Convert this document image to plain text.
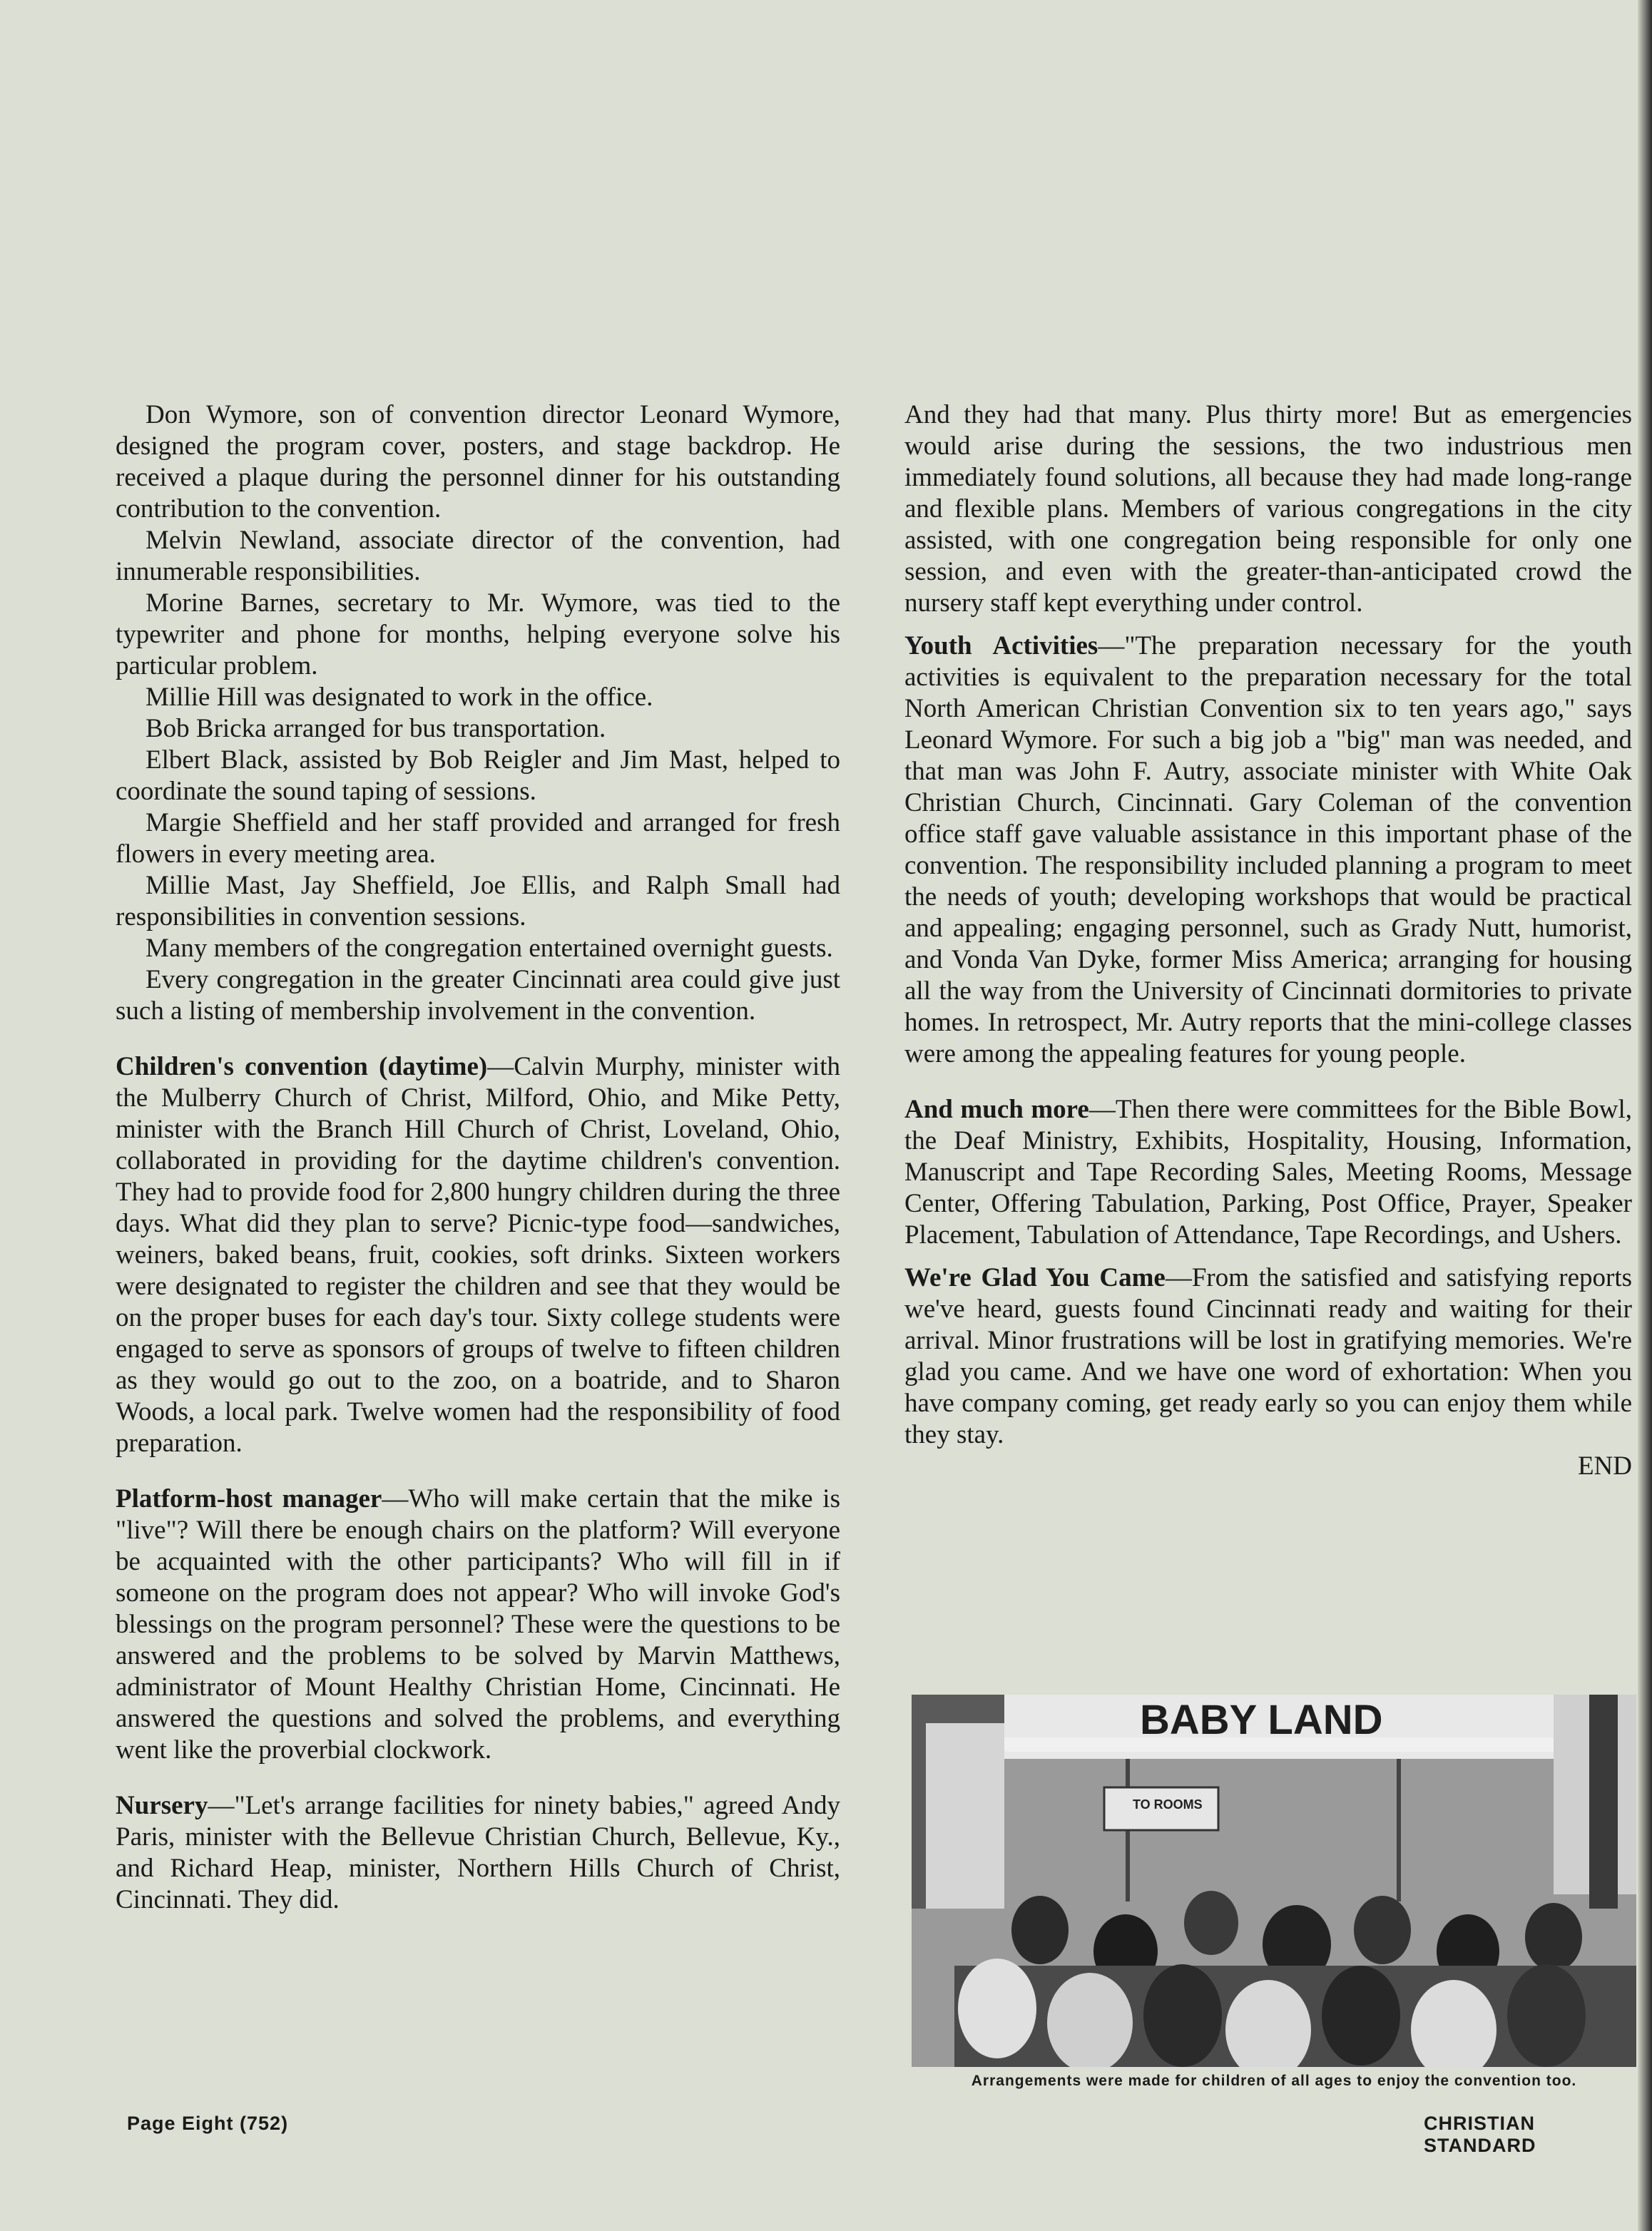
Don Wymore, son of convention director Leonard Wymore, designed the program cover, posters, and stage backdrop. He received a plaque during the personnel dinner for his outstanding contribution to the convention.

Melvin Newland, associate director of the convention, had innumerable responsibilities.

Morine Barnes, secretary to Mr. Wymore, was tied to the typewriter and phone for months, helping everyone solve his particular problem.

Millie Hill was designated to work in the office.

Bob Bricka arranged for bus transportation.

Elbert Black, assisted by Bob Reigler and Jim Mast, helped to coordinate the sound taping of sessions.

Margie Sheffield and her staff provided and arranged for fresh flowers in every meeting area.

Millie Mast, Jay Sheffield, Joe Ellis, and Ralph Small had responsibilities in convention sessions.

Many members of the congregation entertained overnight guests.

Every congregation in the greater Cincinnati area could give just such a listing of membership involvement in the convention.

Children's convention (daytime)—Calvin Murphy, minister with the Mulberry Church of Christ, Milford, Ohio, and Mike Petty, minister with the Branch Hill Church of Christ, Loveland, Ohio, collaborated in providing for the daytime children's convention. They had to provide food for 2,800 hungry children during the three days. What did they plan to serve? Picnic-type food—sandwiches, weiners, baked beans, fruit, cookies, soft drinks. Sixteen workers were designated to register the children and see that they would be on the proper buses for each day's tour. Sixty college students were engaged to serve as sponsors of groups of twelve to fifteen children as they would go out to the zoo, on a boatride, and to Sharon Woods, a local park. Twelve women had the responsibility of food preparation.

Platform-host manager—Who will make certain that the mike is "live"? Will there be enough chairs on the platform? Will everyone be acquainted with the other participants? Who will fill in if someone on the program does not appear? Who will invoke God's blessings on the program personnel? These were the questions to be answered and the problems to be solved by Marvin Matthews, administrator of Mount Healthy Christian Home, Cincinnati. He answered the questions and solved the problems, and everything went like the proverbial clockwork.

Nursery—"Let's arrange facilities for ninety babies," agreed Andy Paris, minister with the Bellevue Christian Church, Bellevue, Ky., and Richard Heap, minister, Northern Hills Church of Christ, Cincinnati. They did.

And they had that many. Plus thirty more! But as emergencies would arise during the sessions, the two industrious men immediately found solutions, all because they had made long-range and flexible plans. Members of various congregations in the city assisted, with one congregation being responsible for only one session, and even with the greater-than-anticipated crowd the nursery staff kept everything under control.

Youth Activities—"The preparation necessary for the youth activities is equivalent to the preparation necessary for the total North American Christian Convention six to ten years ago," says Leonard Wymore. For such a big job a "big" man was needed, and that man was John F. Autry, associate minister with White Oak Christian Church, Cincinnati. Gary Coleman of the convention office staff gave valuable assistance in this important phase of the convention. The responsibility included planning a program to meet the needs of youth; developing workshops that would be practical and appealing; engaging personnel, such as Grady Nutt, humorist, and Vonda Van Dyke, former Miss America; arranging for housing all the way from the University of Cincinnati dormitories to private homes. In retrospect, Mr. Autry reports that the mini-college classes were among the appealing features for young people.

And much more—Then there were committees for the Bible Bowl, the Deaf Ministry, Exhibits, Hospitality, Housing, Information, Manuscript and Tape Recording Sales, Meeting Rooms, Message Center, Offering Tabulation, Parking, Post Office, Prayer, Speaker Placement, Tabulation of Attendance, Tape Recordings, and Ushers.

We're Glad You Came—From the satisfied and satisfying reports we've heard, guests found Cincinnati ready and waiting for their arrival. Minor frustrations will be lost in gratifying memories. We're glad you came. And we have one word of exhortation: When you have company coming, get ready early so you can enjoy them while they stay.

END

TO ROOMS
BABY LAND
Arrangements were made for children of all ages to enjoy the convention too.
Page Eight (752)	CHRISTIAN STANDARD
